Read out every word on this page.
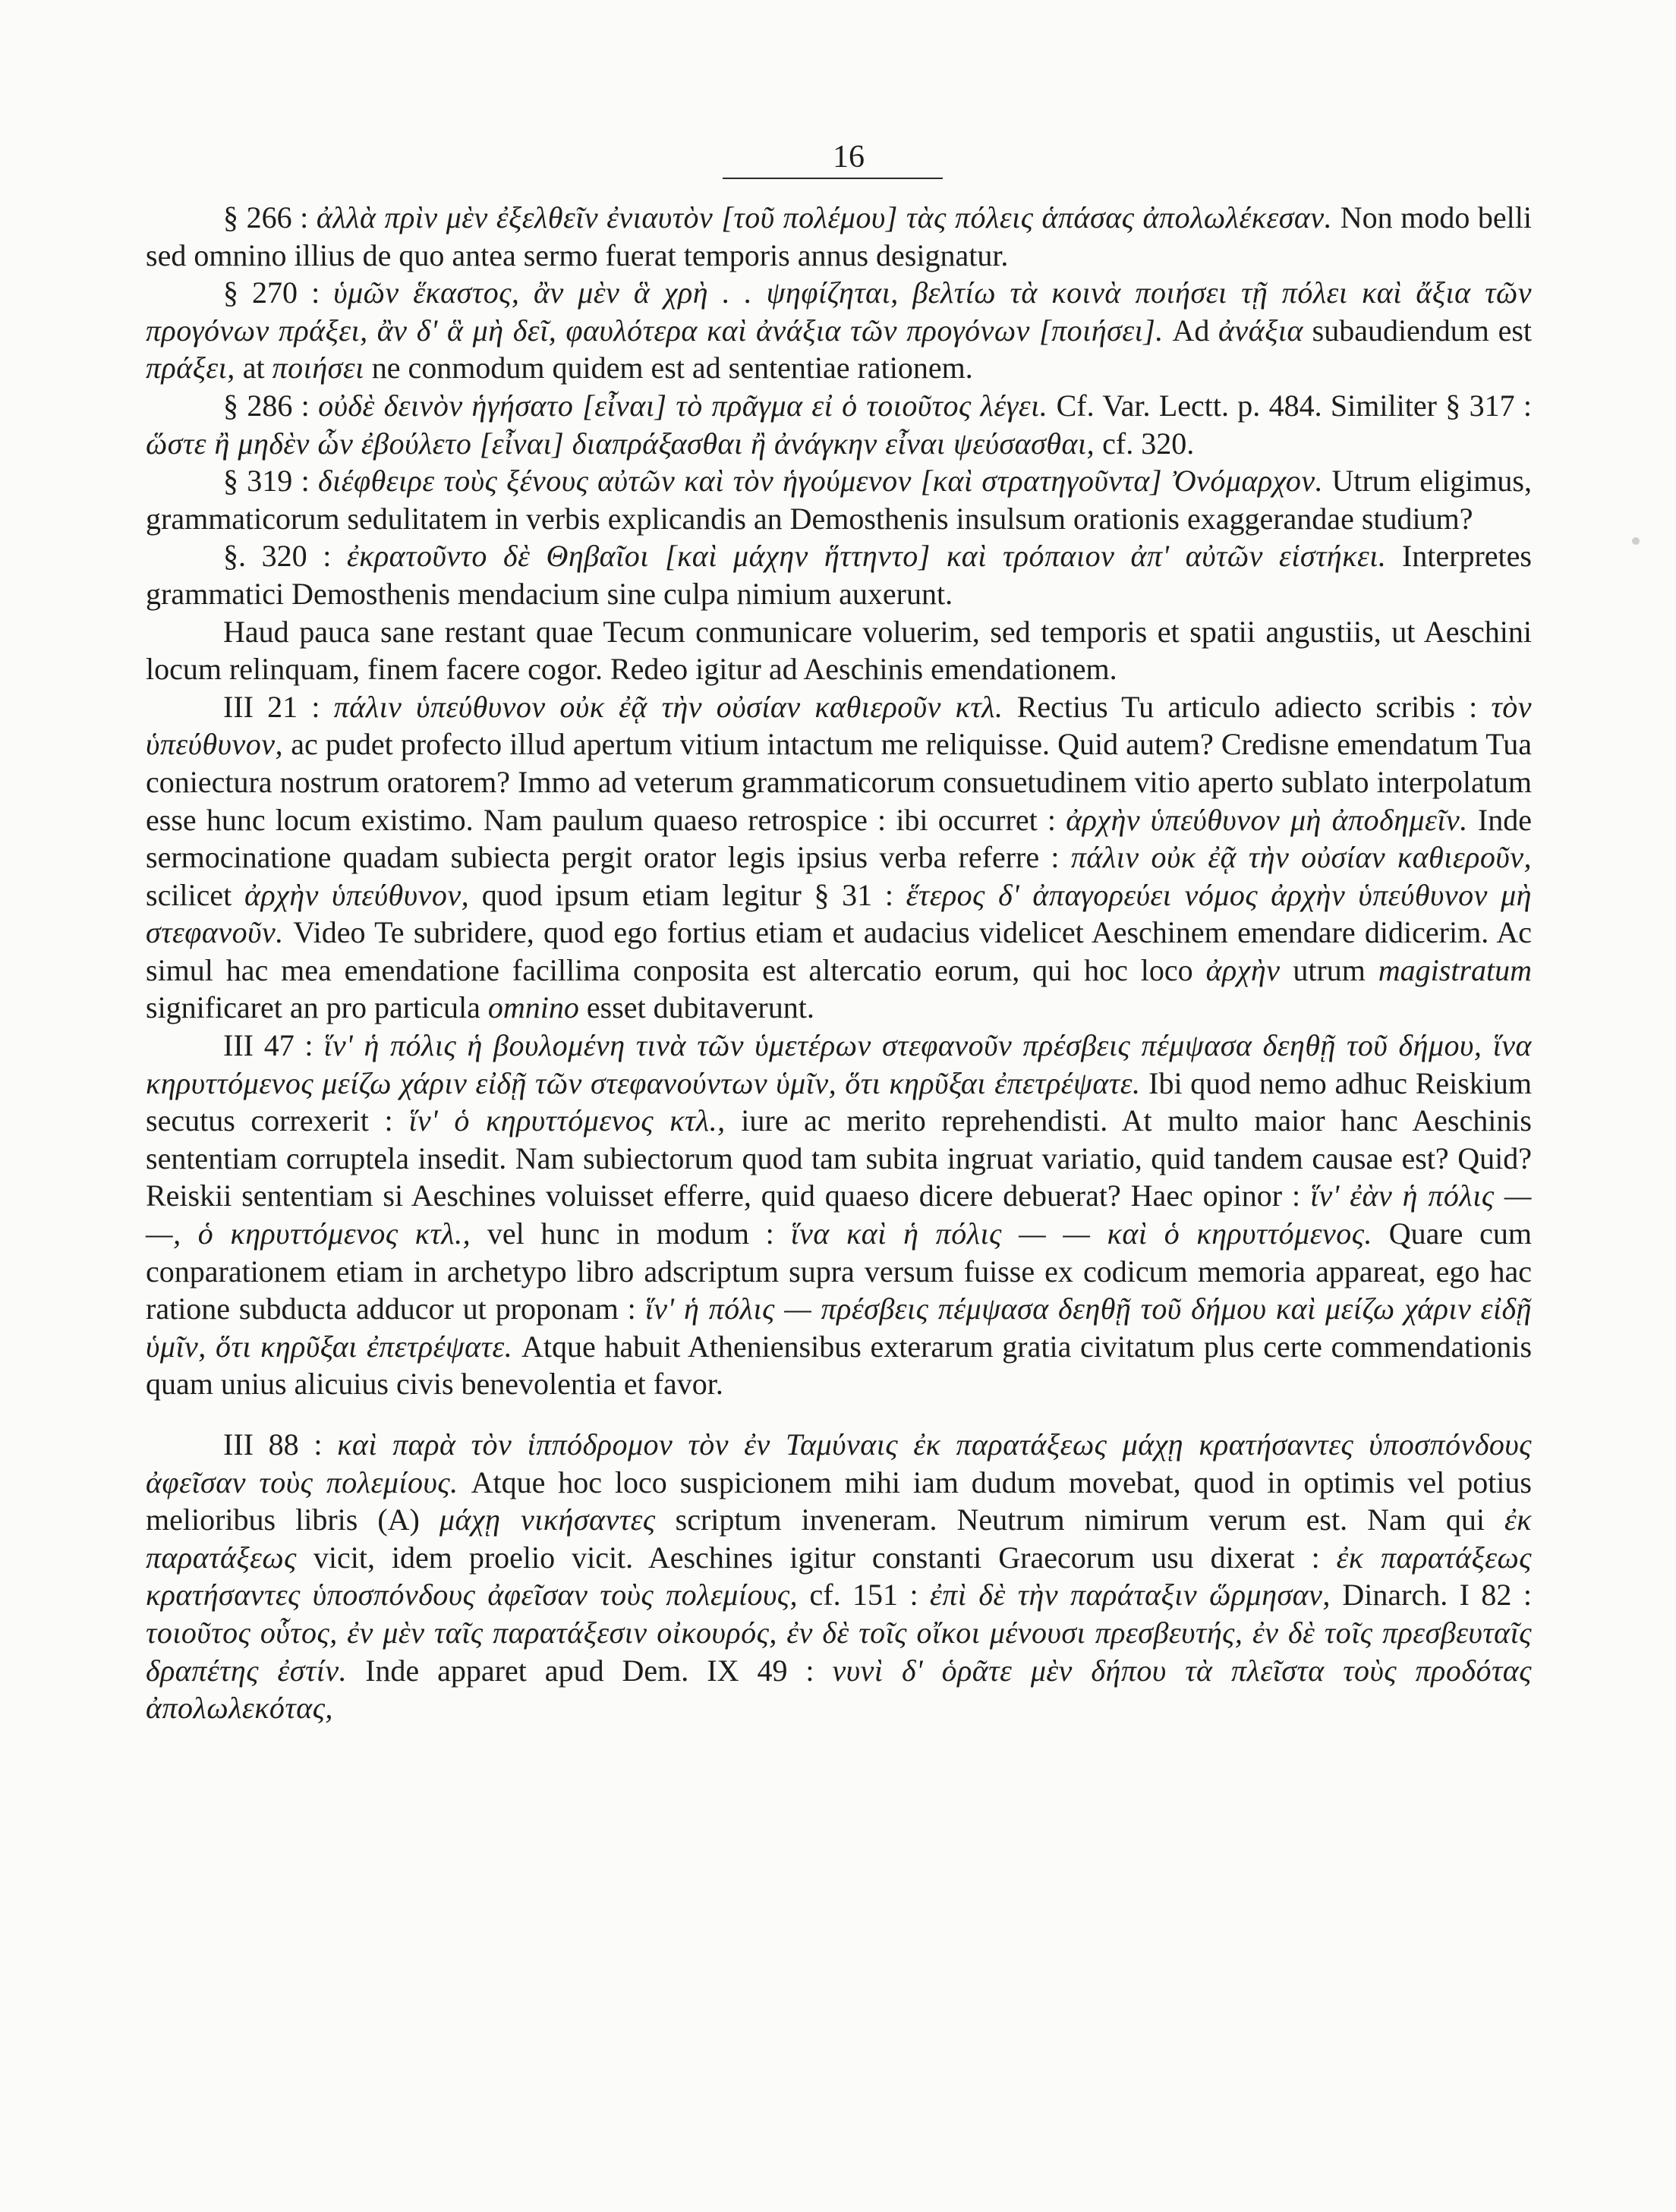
16

§ 266 : ἀλλὰ πρὶν μὲν ἐξελθεῖν ἐνιαυτὸν [τοῦ πολέμου] τὰς πόλεις ἁπάσας ἀπολωλέκεσαν. Non modo belli sed omnino illius de quo antea sermo fuerat temporis annus designatur.

§ 270 : ὑμῶν ἕκαστος, ἂν μὲν ἃ χρὴ . . ψηφίζηται, βελτίω τὰ κοινὰ ποιήσει τῇ πόλει καὶ ἄξια τῶν προγόνων πράξει, ἂν δ' ἃ μὴ δεῖ, φαυλότερα καὶ ἀνάξια τῶν προγόνων [ποιήσει]. Ad ἀνάξια subaudiendum est πράξει, at ποιήσει ne conmodum quidem est ad sententiae rationem.

§ 286 : οὐδὲ δεινὸν ἡγήσατο [εἶναι] τὸ πρᾶγμα εἰ ὁ τοιοῦτος λέγει. Cf. Var. Lectt. p. 484. Similiter § 317 : ὥστε ἢ μηδὲν ὧν ἐβούλετο [εἶναι] διαπράξασθαι ἢ ἀνάγκην εἶναι ψεύσασθαι, cf. 320.

§ 319 : διέφθειρε τοὺς ξένους αὐτῶν καὶ τὸν ἡγούμενον [καὶ στρατηγοῦντα] Ὀνόμαρχον. Utrum eligimus, grammaticorum sedulitatem in verbis explicandis an Demosthenis insulsum orationis exaggerandae studium?

§. 320 : ἐκρατοῦντο δὲ Θηβαῖοι [καὶ μάχην ἥττηντο] καὶ τρόπαιον ἀπ' αὐτῶν εἱστήκει. Interpretes grammatici Demosthenis mendacium sine culpa nimium auxerunt.

Haud pauca sane restant quae Tecum conmunicare voluerim, sed temporis et spatii angustiis, ut Aeschini locum relinquam, finem facere cogor. Redeo igitur ad Aeschinis emendationem.

III 21 : πάλιν ὑπεύθυνον οὐκ ἐᾷ τὴν οὐσίαν καθιεροῦν κτλ. Rectius Tu articulo adiecto scribis : τὸν ὑπεύθυνον, ac pudet profecto illud apertum vitium intactum me reliquisse. Quid autem? Credisne emendatum Tua coniectura nostrum oratorem? Immo ad veterum grammaticorum consuetudinem vitio aperto sublato interpolatum esse hunc locum existimo. Nam paulum quaeso retrospice : ibi occurret : ἀρχὴν ὑπεύθυνον μὴ ἀποδημεῖν. Inde sermocinatione quadam subiecta pergit orator legis ipsius verba referre : πάλιν οὐκ ἐᾷ τὴν οὐσίαν καθιεροῦν, scilicet ἀρχὴν ὑπεύθυνον, quod ipsum etiam legitur § 31 : ἕτερος δ' ἀπαγορεύει νόμος ἀρχὴν ὑπεύθυνον μὴ στεφανοῦν. Video Te subridere, quod ego fortius etiam et audacius videlicet Aeschinem emendare didicerim. Ac simul hac mea emendatione facillima conposita est altercatio eorum, qui hoc loco ἀρχὴν utrum magistratum significaret an pro particula omnino esset dubitaverunt.

III 47 : ἵν' ἡ πόλις ἡ βουλομένη τινὰ τῶν ὑμετέρων στεφανοῦν πρέσβεις πέμψασα δεηθῇ τοῦ δήμου, ἵνα κηρυττόμενος μείζω χάριν εἰδῇ τῶν στεφανούντων ὑμῖν, ὅτι κηρῦξαι ἐπετρέψατε. Ibi quod nemo adhuc Reiskium secutus correxerit : ἵν' ὁ κηρυττόμενος κτλ., iure ac merito reprehendisti. At multo maior hanc Aeschinis sententiam corruptela insedit. Nam subiectorum quod tam subita ingruat variatio, quid tandem causae est? Quid? Reiskii sententiam si Aeschines voluisset efferre, quid quaeso dicere debuerat? Haec opinor : ἵν' ἐὰν ἡ πόλις — —, ὁ κηρυττόμενος κτλ., vel hunc in modum : ἵνα καὶ ἡ πόλις — — καὶ ὁ κηρυττόμενος. Quare cum conparationem etiam in archetypo libro adscriptum supra versum fuisse ex codicum memoria appareat, ego hac ratione subducta adducor ut proponam : ἵν' ἡ πόλις — πρέσβεις πέμψασα δεηθῇ τοῦ δήμου καὶ μείζω χάριν εἰδῇ ὑμῖν, ὅτι κηρῦξαι ἐπετρέψατε. Atque habuit Atheniensibus exterarum gratia civitatum plus certe commendationis quam unius alicuius civis benevolentia et favor.

III 88 : καὶ παρὰ τὸν ἱππόδρομον τὸν ἐν Ταμύναις ἐκ παρατάξεως μάχῃ κρατήσαντες ὑποσπόνδους ἀφεῖσαν τοὺς πολεμίους. Atque hoc loco suspicionem mihi iam dudum movebat, quod in optimis vel potius melioribus libris (A) μάχῃ νικήσαντες scriptum inveneram. Neutrum nimirum verum est. Nam qui ἐκ παρατάξεως vicit, idem proelio vicit. Aeschines igitur constanti Graecorum usu dixerat : ἐκ παρατάξεως κρατήσαντες ὑποσπόνδους ἀφεῖσαν τοὺς πολεμίους, cf. 151 : ἐπὶ δὲ τὴν παράταξιν ὥρμησαν, Dinarch. I 82 : τοιοῦτος οὗτος, ἐν μὲν ταῖς παρατάξεσιν οἰκουρός, ἐν δὲ τοῖς οἴκοι μένουσι πρεσβευτής, ἐν δὲ τοῖς πρεσβευταῖς δραπέτης ἐστίν. Inde apparet apud Dem. IX 49 : νυνὶ δ' ὁρᾶτε μὲν δήπου τὰ πλεῖστα τοὺς προδότας ἀπολωλεκότας,
